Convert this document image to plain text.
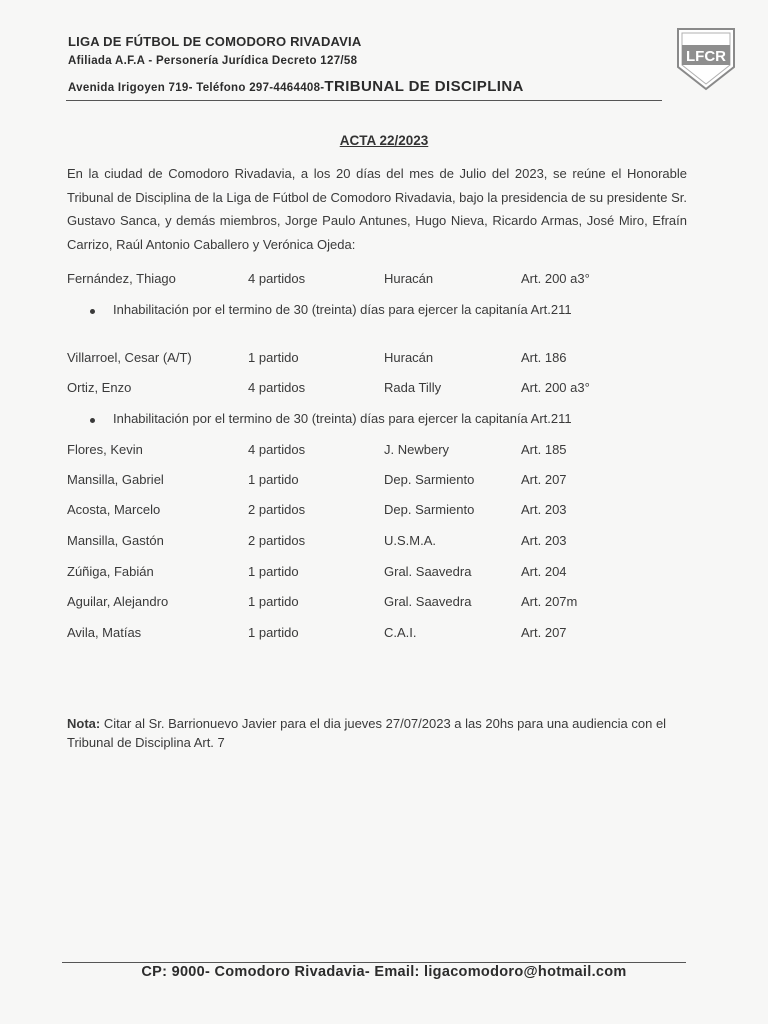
LIGA DE FÚTBOL DE COMODORO RIVADAVIA
Afiliada A.F.A - Personería Jurídica Decreto 127/58
Avenida Irigoyen 719- Teléfono 297-4464408-TRIBUNAL DE DISCIPLINA
LFCR
ACTA 22/2023
En la ciudad de Comodoro Rivadavia, a los 20 días del mes de Julio del 2023, se reúne el Honorable Tribunal de Disciplina de la Liga de Fútbol de Comodoro Rivadavia, bajo la presidencia de su presidente Sr. Gustavo Sanca, y demás miembros, Jorge Paulo Antunes, Hugo Nieva, Ricardo Armas, José Miro, Efraín Carrizo, Raúl Antonio Caballero y Verónica Ojeda:
Fernández, Thiago	4 partidos	Huracán	Art. 200 a3°
Inhabilitación por el termino de 30 (treinta) días para ejercer la capitanía Art.211
Villarroel, Cesar (A/T)	1 partido	Huracán	Art. 186
Ortiz, Enzo	4 partidos	Rada Tilly	Art. 200 a3°
Inhabilitación por el termino de 30 (treinta) días para ejercer la capitanía Art.211
Flores, Kevin	4 partidos	J. Newbery	Art. 185
Mansilla, Gabriel	1 partido	Dep. Sarmiento	Art. 207
Acosta, Marcelo	2 partidos	Dep. Sarmiento	Art. 203
Mansilla, Gastón	2 partidos	U.S.M.A.	Art. 203
Zúñiga, Fabián	1 partido	Gral. Saavedra	Art. 204
Aguilar, Alejandro	1 partido	Gral. Saavedra	Art. 207m
Avila, Matías	1 partido	C.A.I.	Art. 207
Nota: Citar al Sr. Barrionuevo Javier para el dia jueves 27/07/2023 a las 20hs para una audiencia con el Tribunal de Disciplina Art. 7
CP: 9000- Comodoro Rivadavia- Email: ligacomodoro@hotmail.com
